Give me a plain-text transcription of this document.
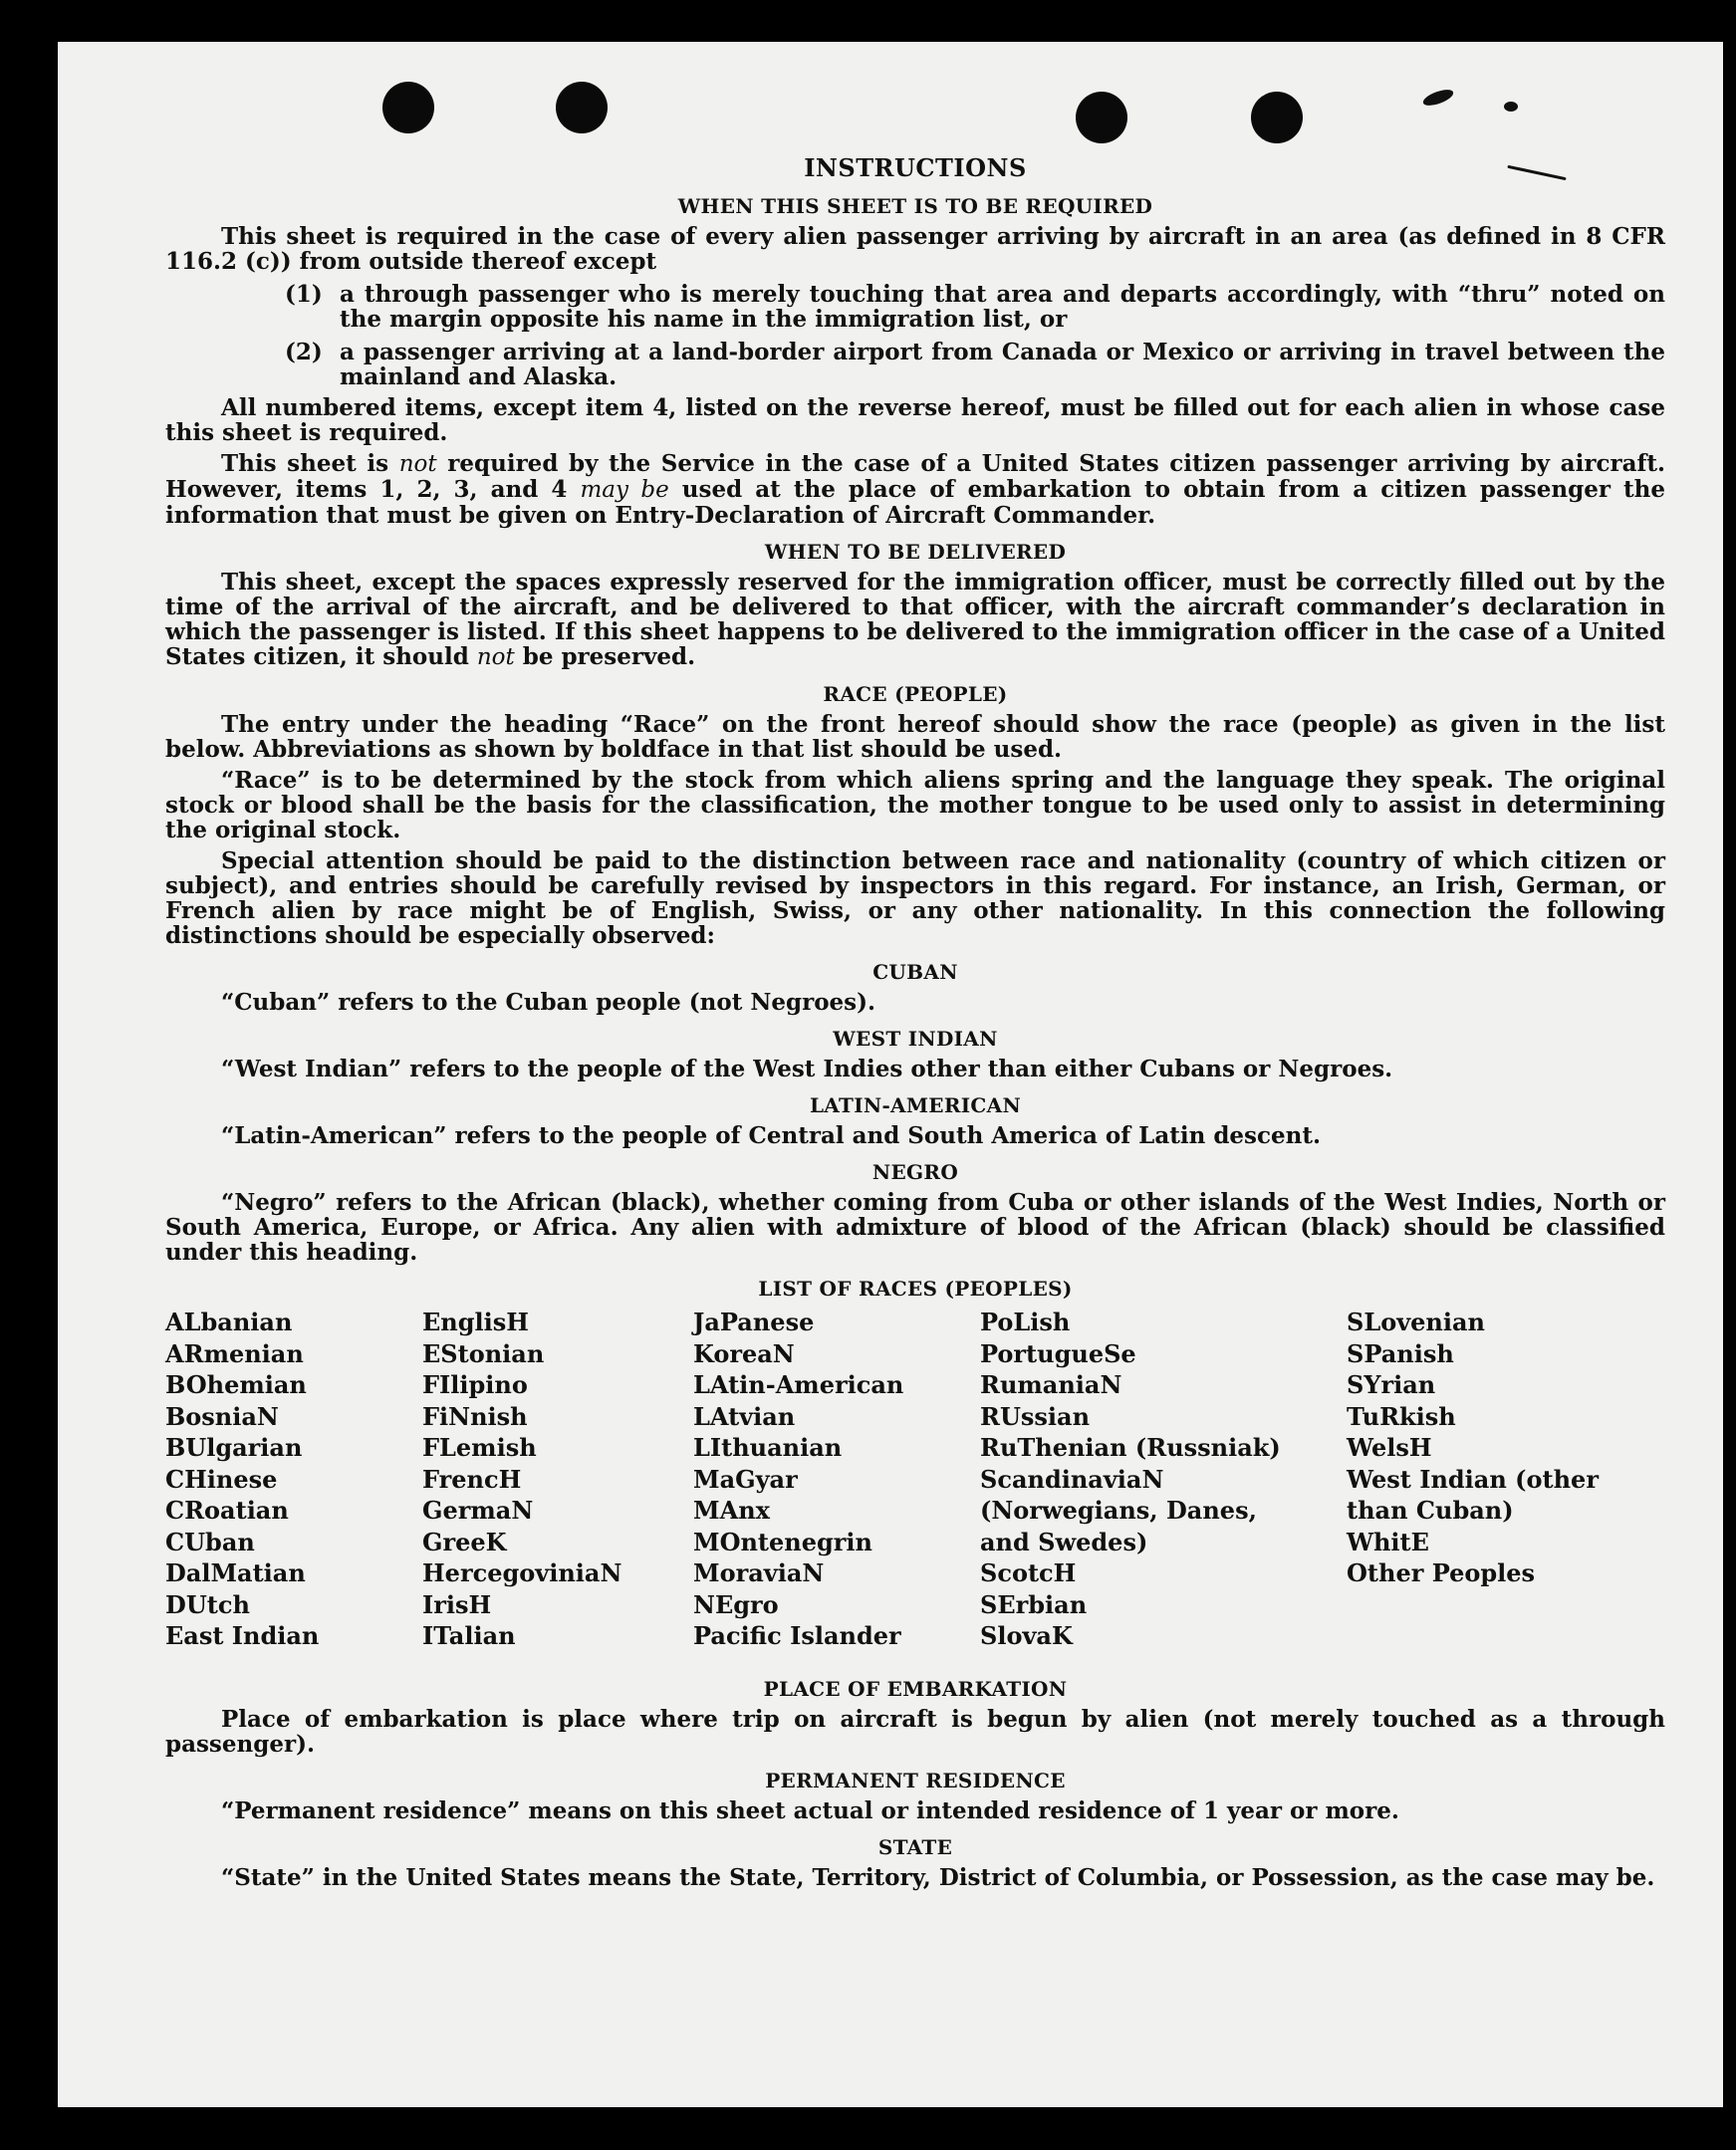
INSTRUCTIONS
WHEN THIS SHEET IS TO BE REQUIRED

This sheet is required in the case of every alien passenger arriving by aircraft in an area (as defined in 8 CFR 116.2 (c)) from outside thereof except

(1) a through passenger who is merely touching that area and departs accordingly, with “thru” noted on the margin opposite his name in the immigration list, or
(2) a passenger arriving at a land-border airport from Canada or Mexico or arriving in travel between the mainland and Alaska.

All numbered items, except item 4, listed on the reverse hereof, must be filled out for each alien in whose case this sheet is required.

This sheet is not required by the Service in the case of a United States citizen passenger arriving by aircraft. However, items 1, 2, 3, and 4 may be used at the place of embarkation to obtain from a citizen passenger the information that must be given on Entry-Declaration of Aircraft Commander.

WHEN TO BE DELIVERED

This sheet, except the spaces expressly reserved for the immigration officer, must be correctly filled out by the time of the arrival of the aircraft, and be delivered to that officer, with the aircraft commander’s declaration in which the passenger is listed. If this sheet happens to be delivered to the immigration officer in the case of a United States citizen, it should not be preserved.

RACE (PEOPLE)

The entry under the heading “Race” on the front hereof should show the race (people) as given in the list below. Abbreviations as shown by boldface in that list should be used.

“Race” is to be determined by the stock from which aliens spring and the language they speak. The original stock or blood shall be the basis for the classification, the mother tongue to be used only to assist in determining the original stock.

Special attention should be paid to the distinction between race and nationality (country of which citizen or subject), and entries should be carefully revised by inspectors in this regard. For instance, an Irish, German, or French alien by race might be of English, Swiss, or any other nationality. In this connection the following distinctions should be especially observed:

CUBAN

“Cuban” refers to the Cuban people (not Negroes).

WEST INDIAN

“West Indian” refers to the people of the West Indies other than either Cubans or Negroes.

LATIN-AMERICAN

“Latin-American” refers to the people of Central and South America of Latin descent.

NEGRO

“Negro” refers to the African (black), whether coming from Cuba or other islands of the West Indies, North or South America, Europe, or Africa. Any alien with admixture of blood of the African (black) should be classified under this heading.

LIST OF RACES (PEOPLES)
ALbanian
ARmenian
BOhemian
BosniaN
BUlgarian
CHinese
CRoatian
CUban
DalMatian
DUtch
East Indian
EnglisH
EStonian
FIlipino
FiNnish
FLemish
FrencH
GermaN
GreeK
HercegoviniaN
IrisH
ITalian
JaPanese
KoreaN
LAtin-American
LAtvian
LIthuanian
MaGyar
MAnx
MOntenegrin
MoraviaN
NEgro
Pacific Islander
PoLish
PortugueSe
RumaniaN
RUssian
RuThenian (Russniak)
ScandinaviaN (Norwegians, Danes, and Swedes)
ScotcH
SErbian
SlovaK
SLovenian
SPanish
SYrian
TuRkish
WelsH
West Indian (other than Cuban)
WhitE
Other Peoples
PLACE OF EMBARKATION

Place of embarkation is place where trip on aircraft is begun by alien (not merely touched as a through passenger).

PERMANENT RESIDENCE

“Permanent residence” means on this sheet actual or intended residence of 1 year or more.

STATE

“State” in the United States means the State, Territory, District of Columbia, or Possession, as the case may be.
